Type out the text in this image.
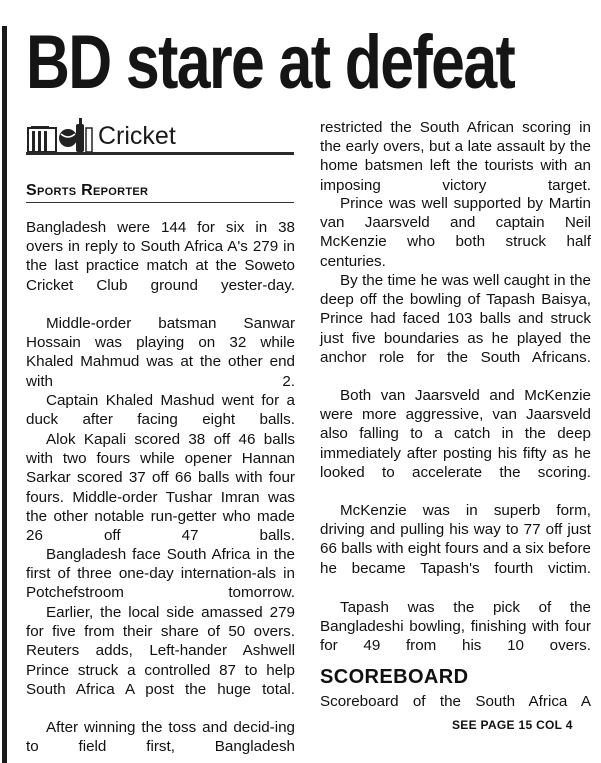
BD stare at defeat
Cricket
Sports Reporter

Bangladesh were 144 for six in 38 overs in reply to South Africa A's 279 in the last practice match at the Soweto Cricket Club ground yester-day.

Middle-order batsman Sanwar Hossain was playing on 32 while Khaled Mahmud was at the other end with 2.

Captain Khaled Mashud went for a duck after facing eight balls.

Alok Kapali scored 38 off 46 balls with two fours while opener Hannan Sarkar scored 37 off 66 balls with four fours. Middle-order Tushar Imran was the other notable run-getter who made 26 off 47 balls.

Bangladesh face South Africa in the first of three one-day internation-als in Potchefstroom tomorrow.

Earlier, the local side amassed 279 for five from their share of 50 overs. Reuters adds, Left-hander Ashwell Prince struck a controlled 87 to help South Africa A post the huge total.

After winning the toss and decid-ing to field first, Bangladesh

restricted the South African scoring in the early overs, but a late assault by the home batsmen left the tourists with an imposing victory target.

Prince was well supported by Martin van Jaarsveld and captain Neil McKenzie who both struck half centuries.

By the time he was well caught in the deep off the bowling of Tapash Baisya, Prince had faced 103 balls and struck just five boundaries as he played the anchor role for the South Africans.

Both van Jaarsveld and McKenzie were more aggressive, van Jaarsveld also falling to a catch in the deep immediately after posting his fifty as he looked to accelerate the scoring.

McKenzie was in superb form, driving and pulling his way to 77 off just 66 balls with eight fours and a six before he became Tapash's fourth victim.

Tapash was the pick of the Bangladeshi bowling, finishing with four for 49 from his 10 overs.

SCOREBOARD

Scoreboard of the South Africa A

SEE PAGE 15 COL 4
